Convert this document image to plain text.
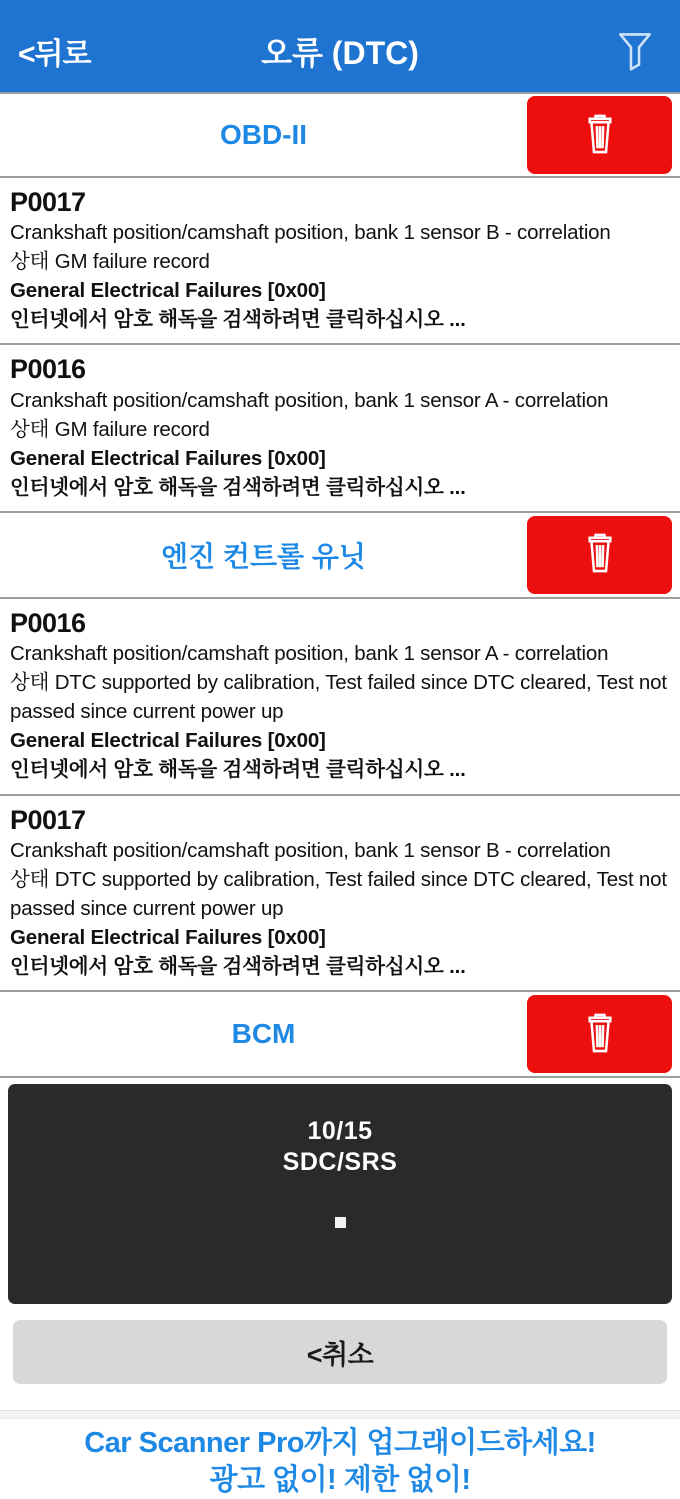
<뒤로	오류 (DTC)
OBD-II
P0017
Crankshaft position/camshaft position, bank 1 sensor B - correlation
상태 GM failure record
General Electrical Failures [0x00]
인터넷에서 암호 해독을 검색하려면 클릭하십시오 ...
P0016
Crankshaft position/camshaft position, bank 1 sensor A - correlation
상태 GM failure record
General Electrical Failures [0x00]
인터넷에서 암호 해독을 검색하려면 클릭하십시오 ...
엔진 컨트롤 유닛
P0016
Crankshaft position/camshaft position, bank 1 sensor A - correlation
상태 DTC supported by calibration, Test failed since DTC cleared, Test not passed since current power up
General Electrical Failures [0x00]
인터넷에서 암호 해독을 검색하려면 클릭하십시오 ...
P0017
Crankshaft position/camshaft position, bank 1 sensor B - correlation
상태 DTC supported by calibration, Test failed since DTC cleared, Test not passed since current power up
General Electrical Failures [0x00]
인터넷에서 암호 해독을 검색하려면 클릭하십시오 ...
BCM
10/15
SDC/SRS
<취소
Car Scanner Pro까지 업그래이드하세요!
광고 없이! 제한 없이!
